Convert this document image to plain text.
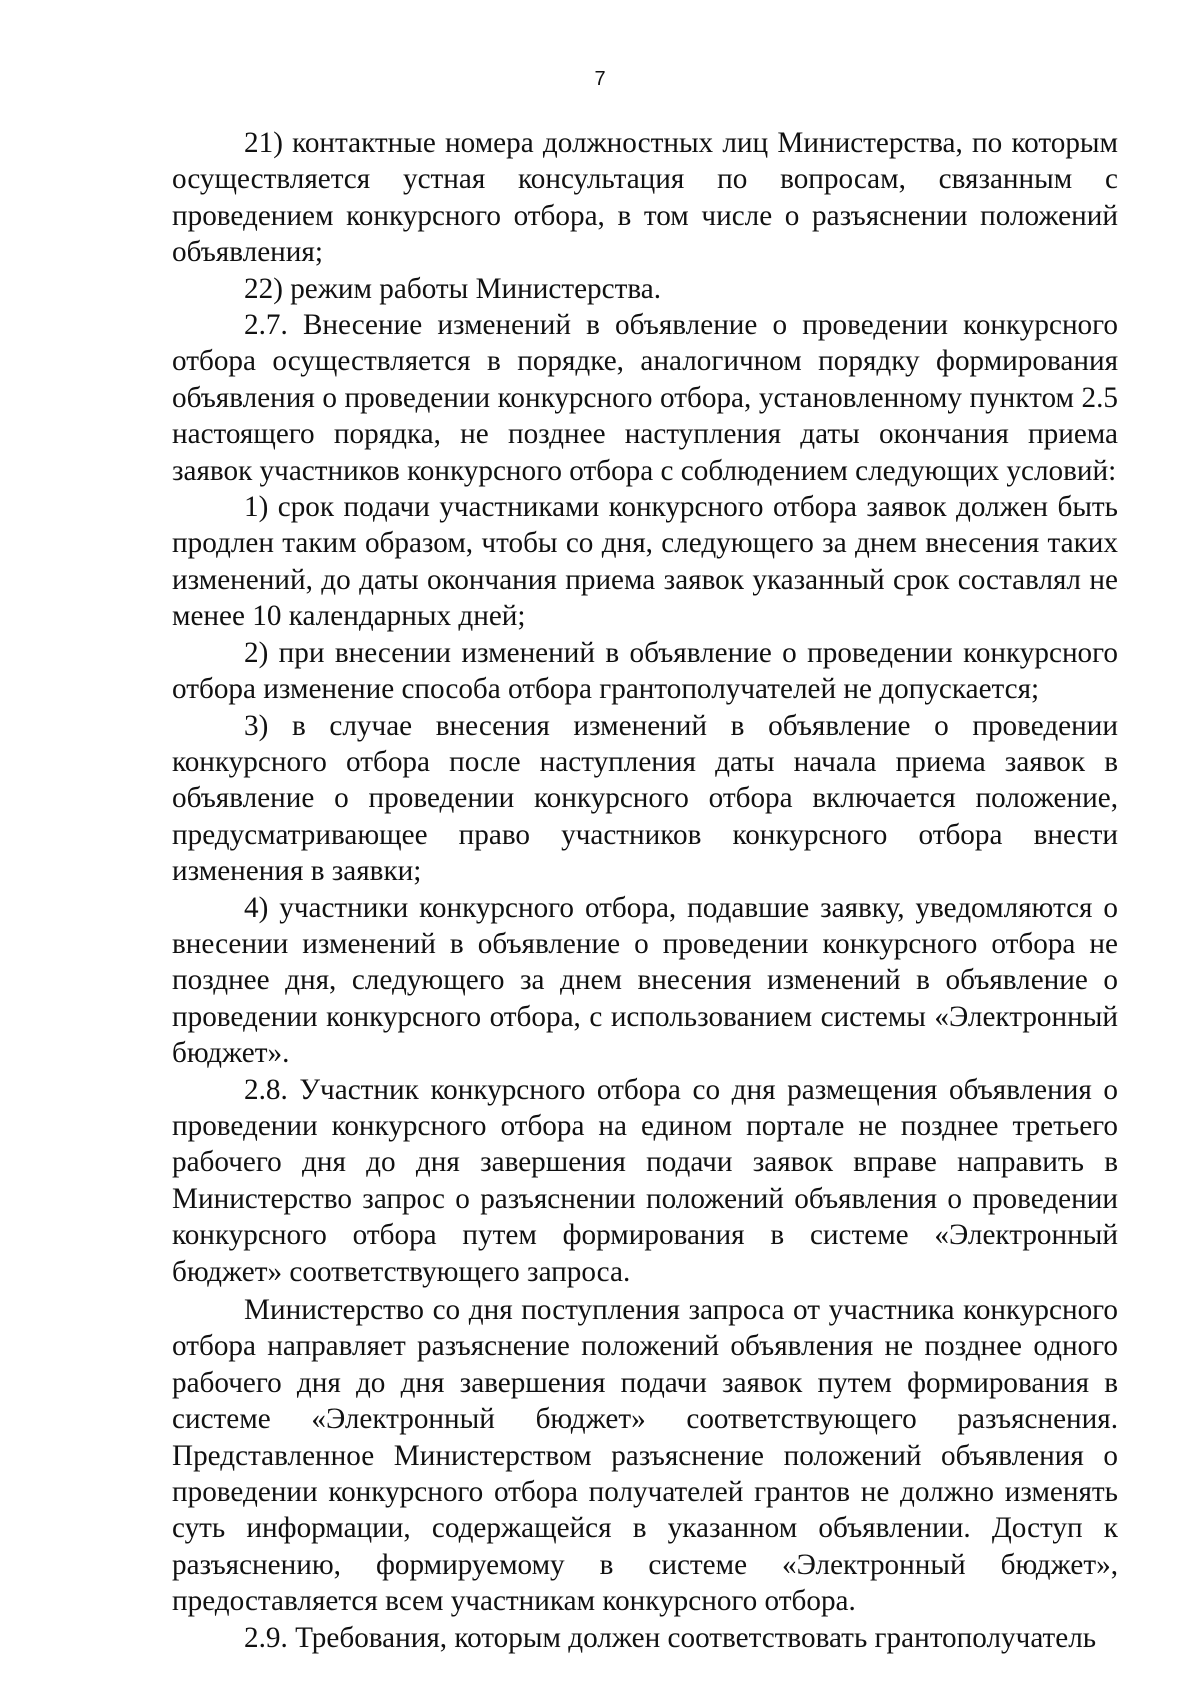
7

21) контактные номера должностных лиц Министерства, по которым осуществляется устная консультация по вопросам, связанным с проведением конкурсного отбора, в том числе о разъяснении положений объявления;

22) режим работы Министерства.

2.7. Внесение изменений в объявление о проведении конкурсного отбора осуществляется в порядке, аналогичном порядку формирования объявления о проведении конкурсного отбора, установленному пунктом 2.5 настоящего порядка, не позднее наступления даты окончания приема заявок участников конкурсного отбора с соблюдением следующих условий:

1) срок подачи участниками конкурсного отбора заявок должен быть продлен таким образом, чтобы со дня, следующего за днем внесения таких изменений, до даты окончания приема заявок указанный срок составлял не менее 10 календарных дней;

2) при внесении изменений в объявление о проведении конкурсного отбора изменение способа отбора грантополучателей не допускается;

3) в случае внесения изменений в объявление о проведении конкурсного отбора после наступления даты начала приема заявок в объявление о проведении конкурсного отбора включается положение, предусматривающее право участников конкурсного отбора внести изменения в заявки;

4) участники конкурсного отбора, подавшие заявку, уведомляются о внесении изменений в объявление о проведении конкурсного отбора не позднее дня, следующего за днем внесения изменений в объявление о проведении конкурсного отбора, с использованием системы «Электронный бюджет».

2.8. Участник конкурсного отбора со дня размещения объявления о проведении конкурсного отбора на едином портале не позднее третьего рабочего дня до дня завершения подачи заявок вправе направить в Министерство запрос о разъяснении положений объявления о проведении конкурсного отбора путем формирования в системе «Электронный бюджет» соответствующего запроса.

Министерство со дня поступления запроса от участника конкурсного отбора направляет разъяснение положений объявления не позднее одного рабочего дня до дня завершения подачи заявок путем формирования в системе «Электронный бюджет» соответствующего разъяснения. Представленное Министерством разъяснение положений объявления о проведении конкурсного отбора получателей грантов не должно изменять суть информации, содержащейся в указанном объявлении. Доступ к разъяснению, формируемому в системе «Электронный бюджет», предоставляется всем участникам конкурсного отбора.

2.9. Требования, которым должен соответствовать грантополучатель
